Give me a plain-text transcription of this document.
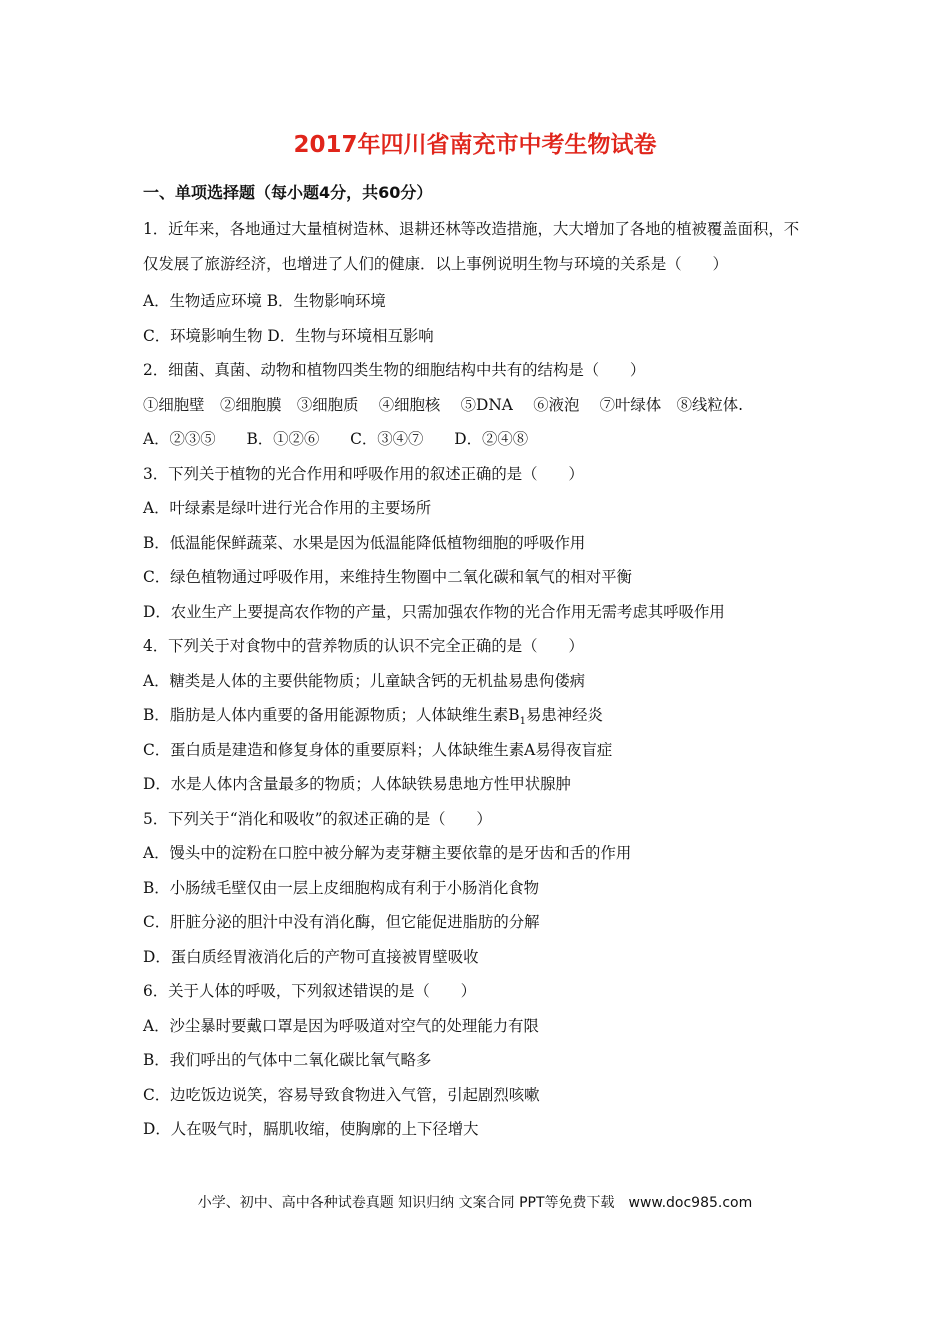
2017年四川省南充市中考生物试卷
一、单项选择题（每小题4分，共60分）
1．近年来，各地通过大量植树造林、退耕还林等改造措施，大大增加了各地的植被覆盖面积，不仅发展了旅游经济，也增进了人们的健康．以上事例说明生物与环境的关系是（　　）
A．生物适应环境 B．生物影响环境
C．环境影响生物 D．生物与环境相互影响
2．细菌、真菌、动物和植物四类生物的细胞结构中共有的结构是（　　）
①细胞壁　②细胞膜　③细胞质　 ④细胞核　 ⑤DNA　 ⑥液泡　 ⑦叶绿体　⑧线粒体.
A．②③⑤　　B．①②⑥　　C．③④⑦　　D．②④⑧
3．下列关于植物的光合作用和呼吸作用的叙述正确的是（　　）
A．叶绿素是绿叶进行光合作用的主要场所
B．低温能保鲜蔬菜、水果是因为低温能降低植物细胞的呼吸作用
C．绿色植物通过呼吸作用，来维持生物圈中二氧化碳和氧气的相对平衡
D．农业生产上要提高农作物的产量，只需加强农作物的光合作用无需考虑其呼吸作用
4．下列关于对食物中的营养物质的认识不完全正确的是（　　）
A．糖类是人体的主要供能物质；儿童缺含钙的无机盐易患佝偻病
B．脂肪是人体内重要的备用能源物质；人体缺维生素$B_1$易患神经炎
C．蛋白质是建造和修复身体的重要原料；人体缺维生素A易得夜盲症
D．水是人体内含量最多的物质；人体缺铁易患地方性甲状腺肿
5．下列关于“消化和吸收”的叙述正确的是（　　）
A．馒头中的淀粉在口腔中被分解为麦芽糖主要依靠的是牙齿和舌的作用
B．小肠绒毛壁仅由一层上皮细胞构成有利于小肠消化食物
C．肝脏分泌的胆汁中没有消化酶，但它能促进脂肪的分解
D．蛋白质经胃液消化后的产物可直接被胃壁吸收
6．关于人体的呼吸，下列叙述错误的是（　　）
A．沙尘暴时要戴口罩是因为呼吸道对空气的处理能力有限
B．我们呼出的气体中二氧化碳比氧气略多
C．边吃饭边说笑，容易导致食物进入气管，引起剧烈咳嗽
D．人在吸气时，膈肌收缩，使胸廓的上下径增大
小学、初中、高中各种试卷真题 知识归纳 文案合同 PPT等免费下载　www.doc985.com
